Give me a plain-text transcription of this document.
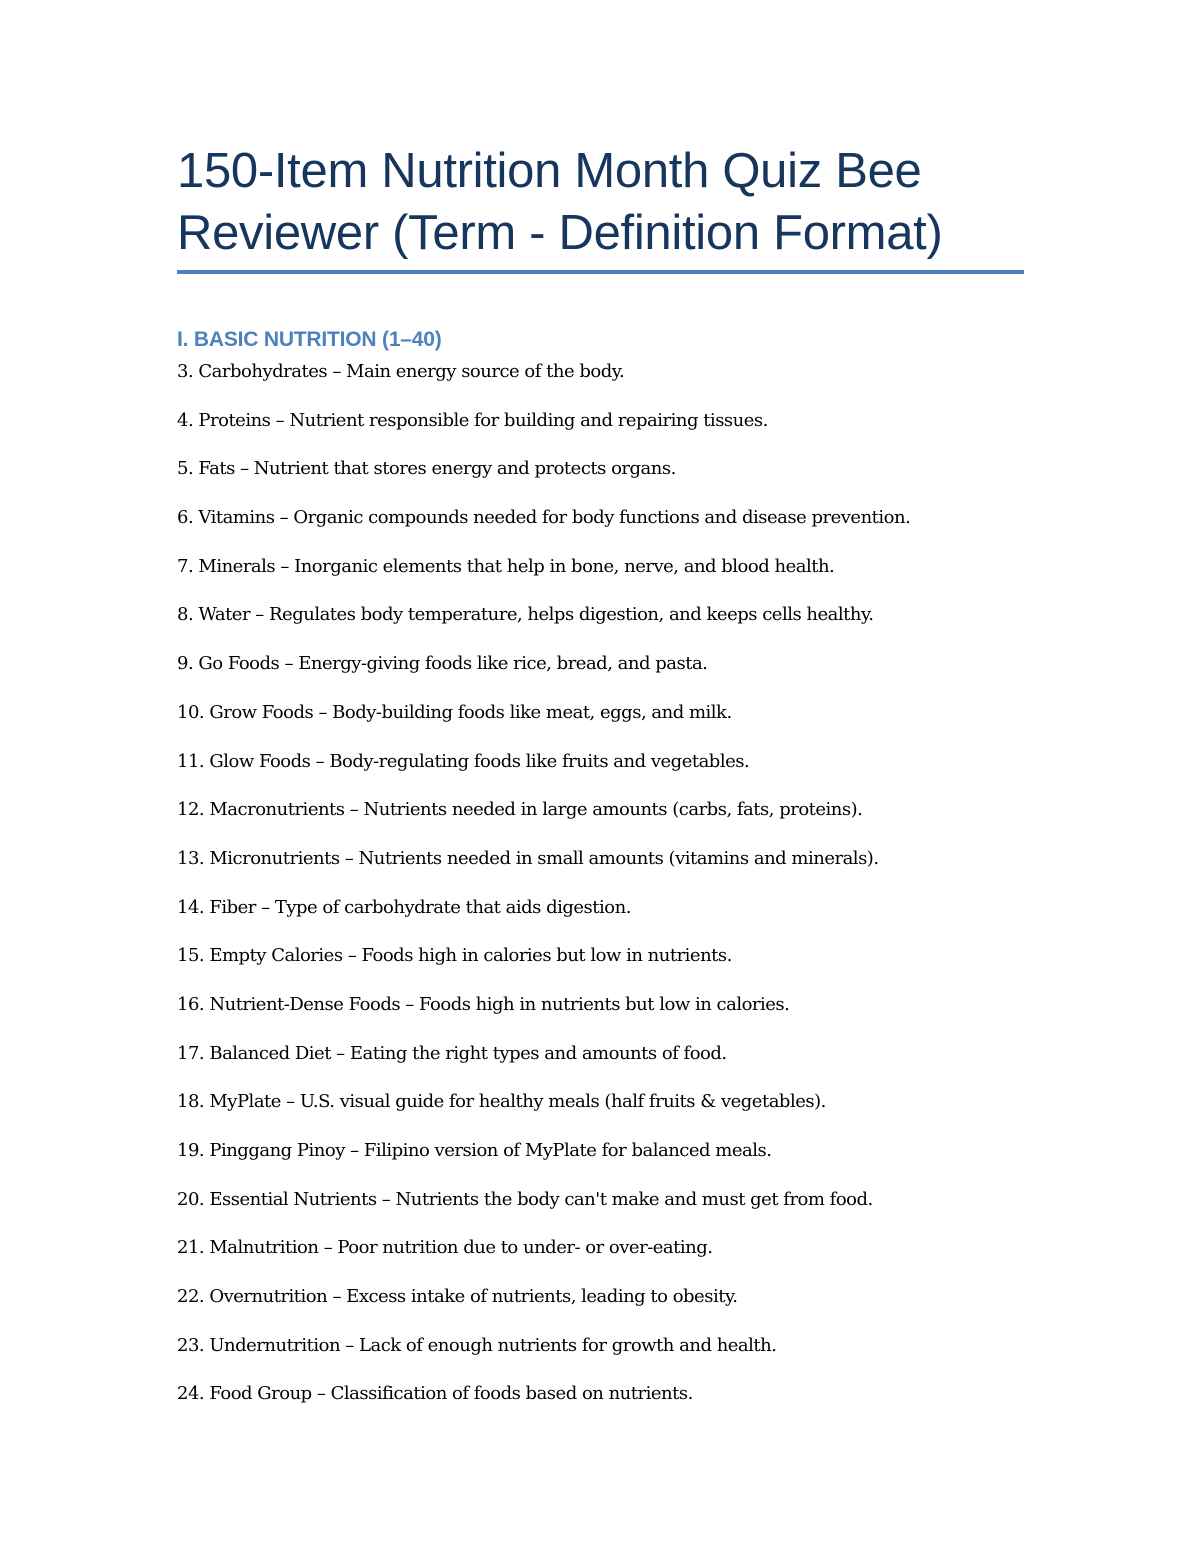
150-Item Nutrition Month Quiz Bee
Reviewer (Term - Definition Format)
I. BASIC NUTRITION (1–40)
3. Carbohydrates – Main energy source of the body.
4. Proteins – Nutrient responsible for building and repairing tissues.
5. Fats – Nutrient that stores energy and protects organs.
6. Vitamins – Organic compounds needed for body functions and disease prevention.
7. Minerals – Inorganic elements that help in bone, nerve, and blood health.
8. Water – Regulates body temperature, helps digestion, and keeps cells healthy.
9. Go Foods – Energy-giving foods like rice, bread, and pasta.
10. Grow Foods – Body-building foods like meat, eggs, and milk.
11. Glow Foods – Body-regulating foods like fruits and vegetables.
12. Macronutrients – Nutrients needed in large amounts (carbs, fats, proteins).
13. Micronutrients – Nutrients needed in small amounts (vitamins and minerals).
14. Fiber – Type of carbohydrate that aids digestion.
15. Empty Calories – Foods high in calories but low in nutrients.
16. Nutrient-Dense Foods – Foods high in nutrients but low in calories.
17. Balanced Diet – Eating the right types and amounts of food.
18. MyPlate – U.S. visual guide for healthy meals (half fruits & vegetables).
19. Pinggang Pinoy – Filipino version of MyPlate for balanced meals.
20. Essential Nutrients – Nutrients the body can't make and must get from food.
21. Malnutrition – Poor nutrition due to under- or over-eating.
22. Overnutrition – Excess intake of nutrients, leading to obesity.
23. Undernutrition – Lack of enough nutrients for growth and health.
24. Food Group – Classification of foods based on nutrients.
